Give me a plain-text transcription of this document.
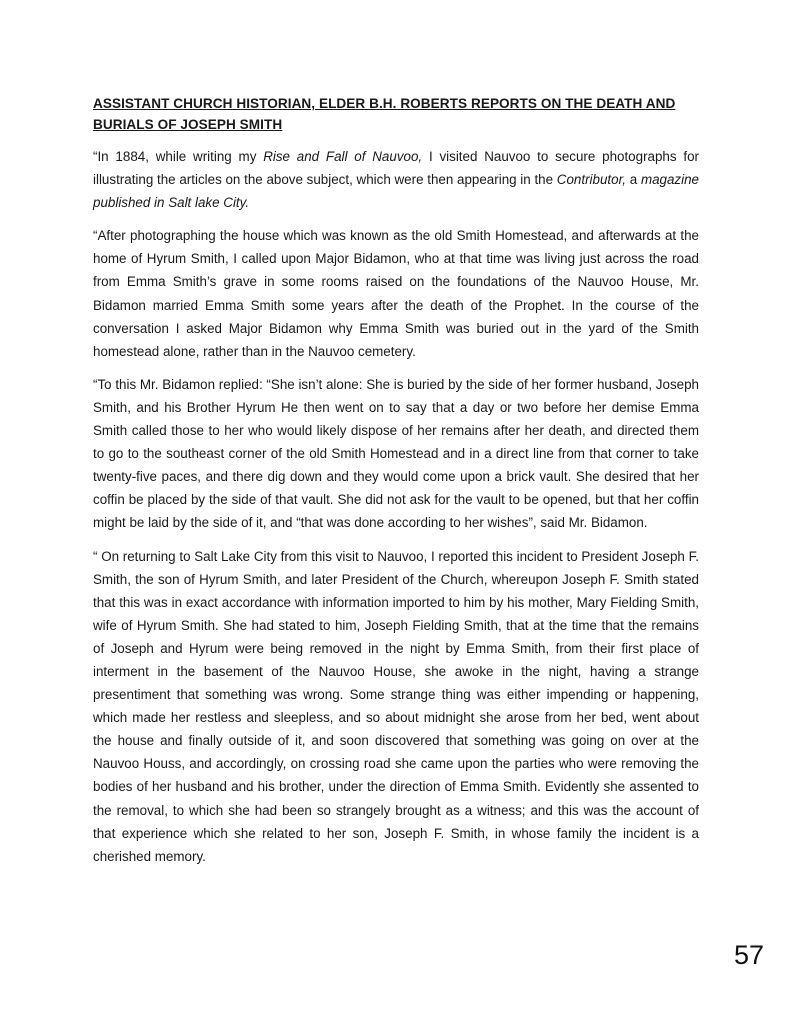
ASSISTANT CHURCH HISTORIAN, ELDER B.H. ROBERTS REPORTS ON THE DEATH AND BURIALS OF JOSEPH SMITH

“In 1884, while writing my Rise and Fall of Nauvoo, I visited Nauvoo to secure photographs for illustrating the articles on the above subject, which were then appearing in the Contributor, a magazine published in Salt lake City.

“After photographing the house which was known as the old Smith Homestead, and afterwards at the home of Hyrum Smith, I called upon Major Bidamon, who at that time was living just across the road from Emma Smith’s grave in some rooms raised on the foundations of the Nauvoo House, Mr. Bidamon married Emma Smith some years after the death of the Prophet. In the course of the conversation I asked Major Bidamon why Emma Smith was buried out in the yard of the Smith homestead alone, rather than in the Nauvoo cemetery.

“To this Mr. Bidamon replied: “She isn’t alone: She is buried by the side of her former husband, Joseph Smith, and his Brother Hyrum He then went on to say that a day or two before her demise Emma Smith called those to her who would likely dispose of her remains after her death, and directed them to go to the southeast corner of the old Smith Homestead and in a direct line from that corner to take twenty-five paces, and there dig down and they would come upon a brick vault. She desired that her coffin be placed by the side of that vault. She did not ask for the vault to be opened, but that her coffin might be laid by the side of it, and “that was done according to her wishes”, said Mr. Bidamon.

“ On returning to Salt Lake City from this visit to Nauvoo, I reported this incident to President Joseph F. Smith, the son of Hyrum Smith, and later President of the Church, whereupon Joseph F. Smith stated that this was in exact accordance with information imported to him by his mother, Mary Fielding Smith, wife of Hyrum Smith. She had stated to him, Joseph Fielding Smith, that at the time that the remains of Joseph and Hyrum were being removed in the night by Emma Smith, from their first place of interment in the basement of the Nauvoo House, she awoke in the night, having a strange presentiment that something was wrong. Some strange thing was either impending or happening, which made her restless and sleepless, and so about midnight she arose from her bed, went about the house and finally outside of it, and soon discovered that something was going on over at the Nauvoo Houss, and accordingly, on crossing road she came upon the parties who were removing the bodies of her husband and his brother, under the direction of Emma Smith. Evidently she assented to the removal, to which she had been so strangely brought as a witness; and this was the account of that experience which she related to her son, Joseph F. Smith, in whose family the incident is a cherished memory.

57
